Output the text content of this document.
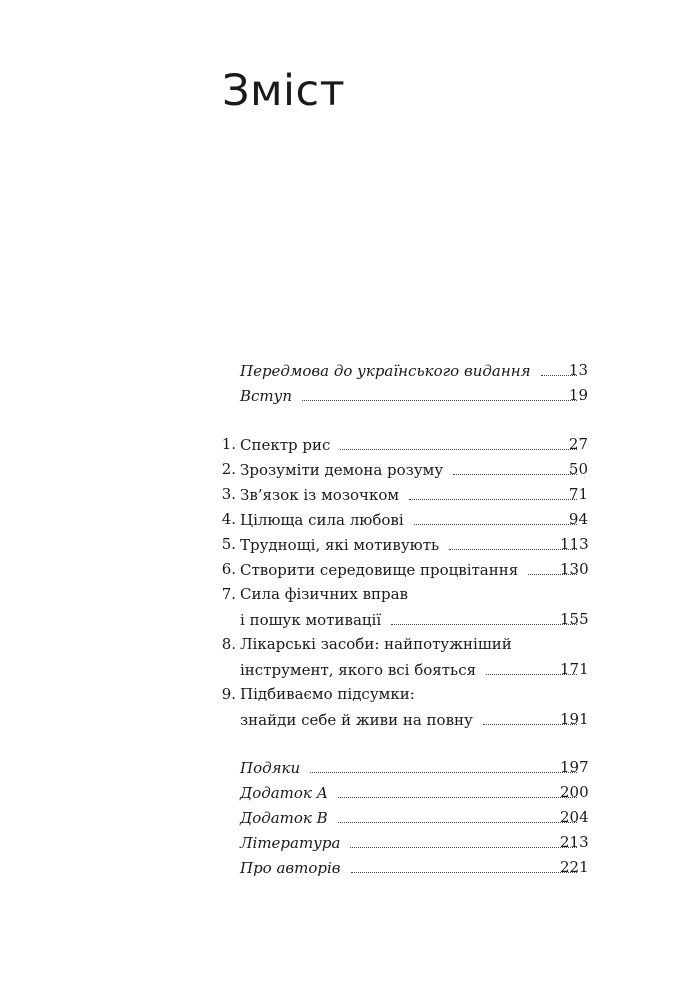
Зміст
Передмова до українського видання	13
Вступ	19
1. Спектр рис	27
2. Зрозуміти демона розуму	50
3. Зв’язок із мозочком	71
4. Цілюща сила любові	94
5. Труднощі, які мотивують	113
6. Створити середовище процвітання	130
7. Сила фізичних вправ
і пошук мотивації	155
8. Лікарські засоби: найпотужніший
інструмент, якого всі бояться	171
9. Підбиваємо підсумки:
знайди себе й живи на повну	191
Подяки	197
Додаток А	200
Додаток В	204
Література	213
Про авторів	221
